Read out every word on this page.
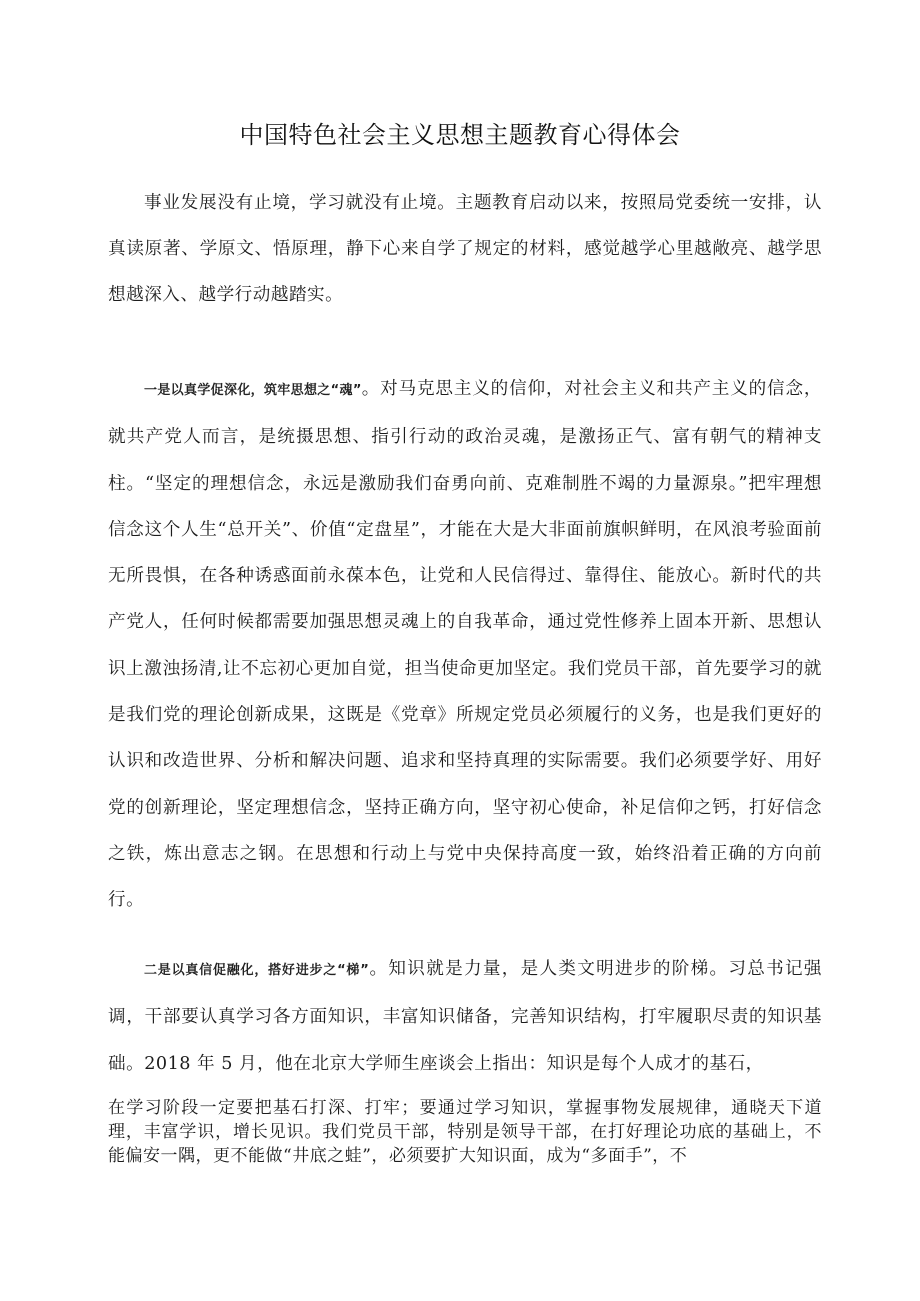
中国特色社会主义思想主题教育心得体会

事业发展没有止境，学习就没有止境。主题教育启动以来，按照局党委统一安排，认真读原著、学原文、悟原理，静下心来自学了规定的材料，感觉越学心里越敞亮、越学思想越深入、越学行动越踏实。

一是以真学促深化，筑牢思想之“魂”。对马克思主义的信仰，对社会主义和共产主义的信念，就共产党人而言，是统摄思想、指引行动的政治灵魂，是激扬正气、富有朝气的精神支柱。“坚定的理想信念，永远是激励我们奋勇向前、克难制胜不竭的力量源泉。”把牢理想信念这个人生“总开关”、价值“定盘星”，才能在大是大非面前旗帜鲜明，在风浪考验面前无所畏惧，在各种诱惑面前永葆本色，让党和人民信得过、靠得住、能放心。新时代的共产党人，任何时候都需要加强思想灵魂上的自我革命，通过党性修养上固本开新、思想认识上激浊扬清,让不忘初心更加自觉，担当使命更加坚定。我们党员干部，首先要学习的就是我们党的理论创新成果，这既是《党章》所规定党员必须履行的义务，也是我们更好的认识和改造世界、分析和解决问题、追求和坚持真理的实际需要。我们必须要学好、用好党的创新理论，坚定理想信念，坚持正确方向，坚守初心使命，补足信仰之钙，打好信念之铁，炼出意志之钢。在思想和行动上与党中央保持高度一致，始终沿着正确的方向前行。

二是以真信促融化，搭好进步之“梯”。知识就是力量，是人类文明进步的阶梯。习总书记强调，干部要认真学习各方面知识，丰富知识储备，完善知识结构，打牢履职尽责的知识基础。2018 年 5 月，他在北京大学师生座谈会上指出：知识是每个人成才的基石，

在学习阶段一定要把基石打深、打牢；要通过学习知识，掌握事物发展规律，通晓天下道理，丰富学识，增长见识。我们党员干部，特别是领导干部，在打好理论功底的基础上，不能偏安一隅，更不能做“井底之蛙”，必须要扩大知识面，成为“多面手”，不
